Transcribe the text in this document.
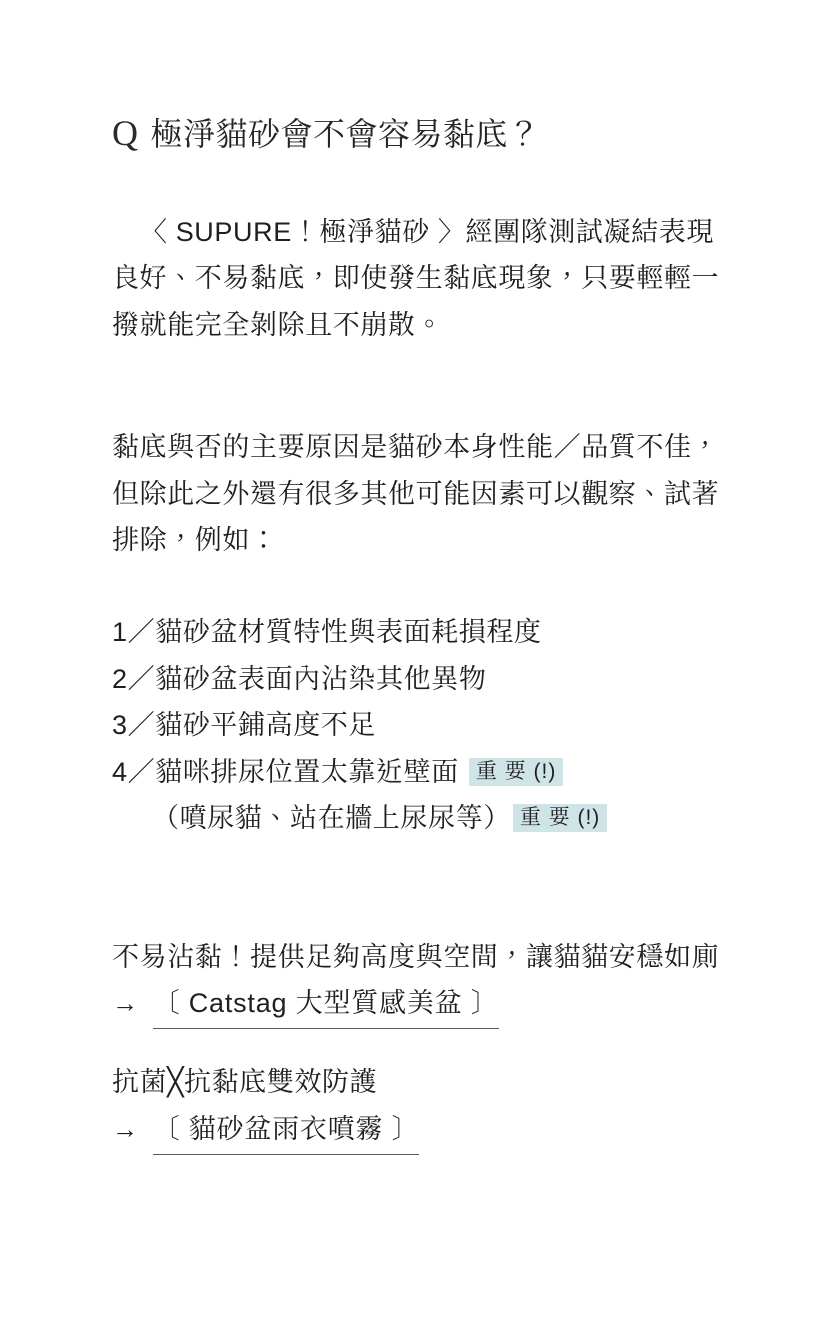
Q 極淨貓砂會不會容易黏底？

〈 SUPURE！極淨貓砂 〉經團隊測試凝結表現良好、不易黏底，即使發生黏底現象，只要輕輕一撥就能完全剝除且不崩散。

黏底與否的主要原因是貓砂本身性能／品質不佳，但除此之外還有很多其他可能因素可以觀察、試著排除，例如：

1／貓砂盆材質特性與表面耗損程度
2／貓砂盆表面內沾染其他異物
3／貓砂平鋪高度不足
4／貓咪排尿位置太靠近壁面 重 要 (!)
（噴尿貓、站在牆上尿尿等） 重 要 (!)
不易沾黏！提供足夠高度與空間，讓貓貓安穩如廁
→ 〔 Catstag 大型質感美盆 〕
抗菌╳抗黏底雙效防護
→ 〔 貓砂盆雨衣噴霧 〕
